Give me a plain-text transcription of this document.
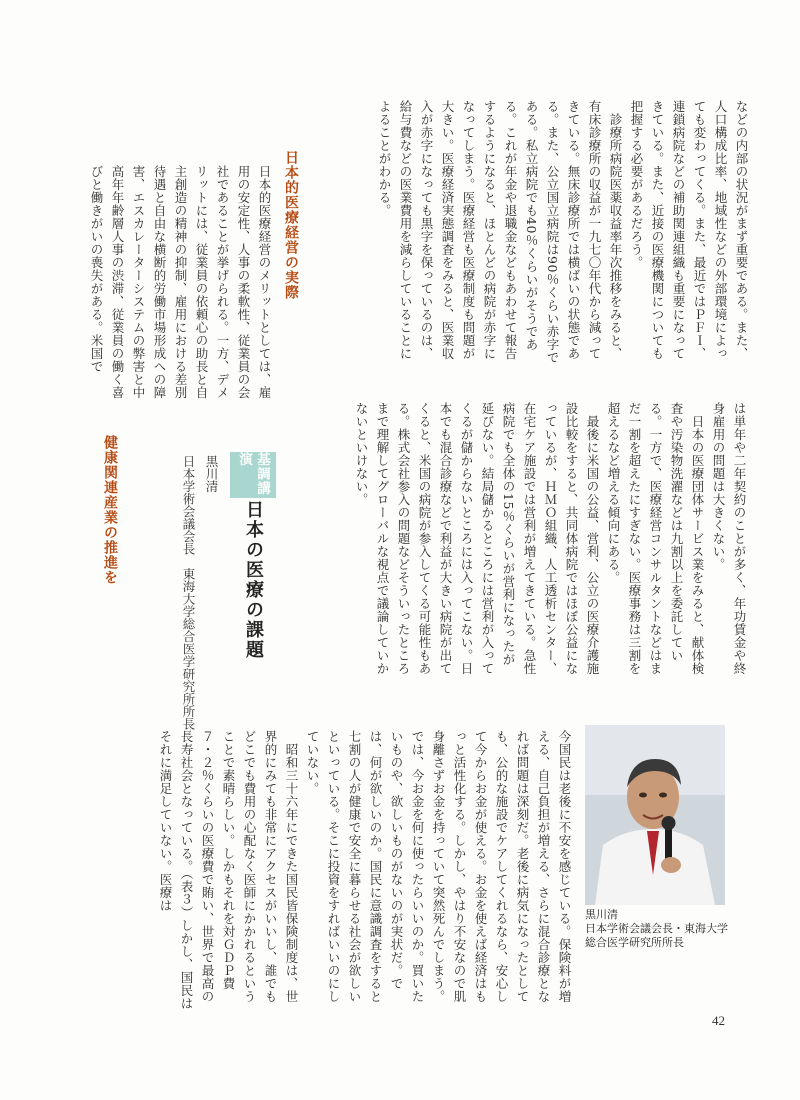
などの内部の状況がまず重要である。また、人口構成比率、地域性などの外部環境によっても変わってくる。また、最近ではＰＦＩ、連鎖病院などの補助関連組織も重要になってきている。また、近接の医療機関についても把握する必要があるだろう。

診療所病院医薬収益率年次推移をみると、有床診療所の収益が一九七〇年代から減ってきている。無床診療所では横ばいの状態である。また、公立国立病院は90％くらい赤字である。私立病院でも40％くらいがそうである。これが年金や退職金などもあわせて報告するようになると、ほとんどの病院が赤字になってしまう。医療経営も医療制度も問題が大きい。医療経済実態調査をみると、医業収入が赤字になっても黒字を保っているのは、給与費などの医業費用を減らしていることによることがわかる。

日本的医療経営の実際

日本的医療経営のメリットとしては、雇用の安定性、人事の柔軟性、従業員の会社であることが挙げられる。一方、デメリットには、従業員の依頼心の助長と自主創造の精神の抑制、雇用における差別待遇と自由な横断的労働市場形成への障害、エスカレーターシステムの弊害と中高年年齢層人事の渋滞、従業員の働く喜びと働きがいの喪失がある。米国で

は単年や二年契約のことが多く、年功賃金や終身雇用の問題は大きくない。

日本の医療団体サービス業をみると、献体検査や汚染物洗濯などは九割以上を委託している。一方で、医療経営コンサルタントなどはまだ一割を超えたにすぎない。医療事務は三割を超えるなど増える傾向にある。

最後に米国の公益、営利、公立の医療介護施設比較をすると、共同体病院ではほぼ公益になっているが、ＨＭＯ組織、人工透析センター、在宅ケア施設では営利が増えてきている。急性病院でも全体の15％くらいが営利になったが延びない。結局儲かるところには営利が入ってくるが儲からないところには入ってこない。日本でも混合診療などで利益が大きい病院が出てくると、米国の病院が参入してくる可能性もある。株式会社参入の問題などそういったところまで理解してグローバルな視点で議論していかないといけない。

基調講演
日本の医療の課題
黒川清
日本学術会議会長　東海大学総合医学研究所所長
健康関連産業の推進を

今国民は老後に不安を感じている。保険料が増える、自己負担が増える、さらに混合診療となれば問題は深刻だ。老後に病気になったとしても、公的な施設でケアしてくれるなら、安心して今からお金が使える。お金を使えば経済はもっと活性化する。しかし、やはり不安なので肌身離さずお金を持っていて突然死んでしまう。では、今お金を何に使ったらいいのか。買いたいものや、欲しいものがないのが実状だ。では、何が欲しいのか。国民に意識調査をすると七割の人が健康で安全に暮らせる社会が欲しいといっている。そこに投資をすればいいのにしていない。

昭和三十六年にできた国民皆保険制度は、世界的にみても非常にアクセスがいいし、誰でもどこでも費用の心配なく医師にかかれるということで素晴らしい。しかもそれを対ＧＤＰ費７・２％くらいの医療費で賄い、世界で最高の長寿社会となっている。（表３）しかし、国民はそれに満足していない。医療は

黒川清
日本学術会議会長・東海大学
総合医学研究所所長
42
